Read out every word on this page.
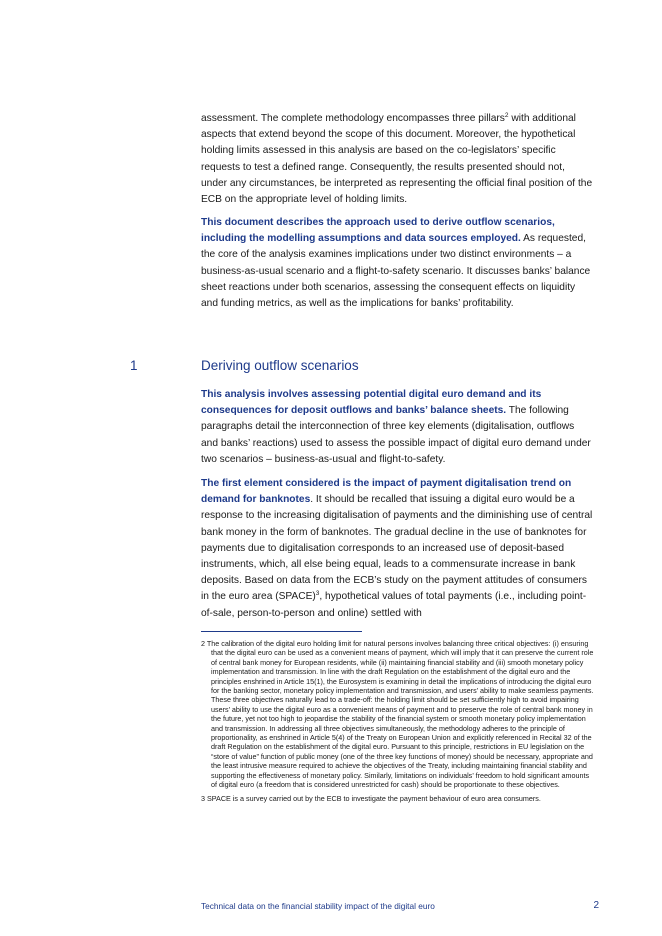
assessment. The complete methodology encompasses three pillars$^2$ with additional aspects that extend beyond the scope of this document. Moreover, the hypothetical holding limits assessed in this analysis are based on the co-legislators’ specific requests to test a defined range. Consequently, the results presented should not, under any circumstances, be interpreted as representing the official final position of the ECB on the appropriate level of holding limits.

This document describes the approach used to derive outflow scenarios, including the modelling assumptions and data sources employed. As requested, the core of the analysis examines implications under two distinct environments – a business-as-usual scenario and a flight-to-safety scenario. It discusses banks’ balance sheet reactions under both scenarios, assessing the consequent effects on liquidity and funding metrics, as well as the implications for banks’ profitability.

1	Deriving outflow scenarios

This analysis involves assessing potential digital euro demand and its consequences for deposit outflows and banks’ balance sheets. The following paragraphs detail the interconnection of three key elements (digitalisation, outflows and banks’ reactions) used to assess the possible impact of digital euro demand under two scenarios – business-as-usual and flight-to-safety.

The first element considered is the impact of payment digitalisation trend on demand for banknotes. It should be recalled that issuing a digital euro would be a response to the increasing digitalisation of payments and the diminishing use of central bank money in the form of banknotes. The gradual decline in the use of banknotes for payments due to digitalisation corresponds to an increased use of deposit-based instruments, which, all else being equal, leads to a commensurate increase in bank deposits. Based on data from the ECB’s study on the payment attitudes of consumers in the euro area (SPACE)$^3$, hypothetical values of total payments (i.e., including point-of-sale, person-to-person and online) settled with

2 The calibration of the digital euro holding limit for natural persons involves balancing three critical objectives: (i) ensuring that the digital euro can be used as a convenient means of payment, which will imply that it can preserve the current role of central bank money for European residents, while (ii) maintaining financial stability and (iii) smooth monetary policy implementation and transmission. In line with the draft Regulation on the establishment of the digital euro and the principles enshrined in Article 15(1), the Eurosystem is examining in detail the implications of introducing the digital euro for the banking sector, monetary policy implementation and transmission, and users’ ability to make seamless payments. These three objectives naturally lead to a trade-off: the holding limit should be set sufficiently high to avoid impairing users’ ability to use the digital euro as a convenient means of payment and to preserve the role of central bank money in the future, yet not too high to jeopardise the stability of the financial system or smooth monetary policy implementation and transmission. In addressing all three objectives simultaneously, the methodology adheres to the principle of proportionality, as enshrined in Article 5(4) of the Treaty on European Union and explicitly referenced in Recital 32 of the draft Regulation on the establishment of the digital euro. Pursuant to this principle, restrictions in EU legislation on the “store of value” function of public money (one of the three key functions of money) should be necessary, appropriate and the least intrusive measure required to achieve the objectives of the Treaty, including maintaining financial stability and supporting the effectiveness of monetary policy. Similarly, limitations on individuals’ freedom to hold significant amounts of digital euro (a freedom that is considered unrestricted for cash) should be proportionate to these objectives.

3 SPACE is a survey carried out by the ECB to investigate the payment behaviour of euro area consumers.

Technical data on the financial stability impact of the digital euro	2
